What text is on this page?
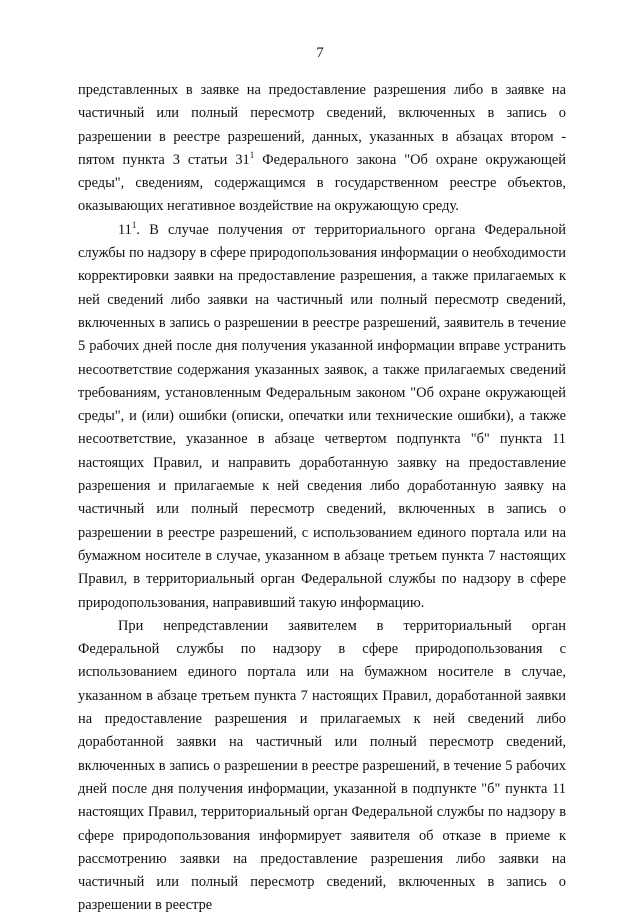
7

представленных в заявке на предоставление разрешения либо в заявке на частичный или полный пересмотр сведений, включенных в запись о разрешении в реестре разрешений, данных, указанных в абзацах втором - пятом пункта 3 статьи $31^1$ Федерального закона "Об охране окружающей среды", сведениям, содержащимся в государственном реестре объектов, оказывающих негативное воздействие на окружающую среду.

$11^1$. В случае получения от территориального органа Федеральной службы по надзору в сфере природопользования информации о необходимости корректировки заявки на предоставление разрешения, а также прилагаемых к ней сведений либо заявки на частичный или полный пересмотр сведений, включенных в запись о разрешении в реестре разрешений, заявитель в течение 5 рабочих дней после дня получения указанной информации вправе устранить несоответствие содержания указанных заявок, а также прилагаемых сведений требованиям, установленным Федеральным законом "Об охране окружающей среды", и (или) ошибки (описки, опечатки или технические ошибки), а также несоответствие, указанное в абзаце четвертом подпункта "б" пункта 11 настоящих Правил, и направить доработанную заявку на предоставление разрешения и прилагаемые к ней сведения либо доработанную заявку на частичный или полный пересмотр сведений, включенных в запись о разрешении в реестре разрешений, с использованием единого портала или на бумажном носителе в случае, указанном в абзаце третьем пункта 7 настоящих Правил, в территориальный орган Федеральной службы по надзору в сфере природопользования, направивший такую информацию.

При непредставлении заявителем в территориальный орган Федеральной службы по надзору в сфере природопользования с использованием единого портала или на бумажном носителе в случае, указанном в абзаце третьем пункта 7 настоящих Правил, доработанной заявки на предоставление разрешения и прилагаемых к ней сведений либо доработанной заявки на частичный или полный пересмотр сведений, включенных в запись о разрешении в реестре разрешений, в течение 5 рабочих дней после дня получения информации, указанной в подпункте "б" пункта 11 настоящих Правил, территориальный орган Федеральной службы по надзору в сфере природопользования информирует заявителя об отказе в приеме к рассмотрению заявки на предоставление разрешения либо заявки на частичный или полный пересмотр сведений, включенных в запись о разрешении в реестре
